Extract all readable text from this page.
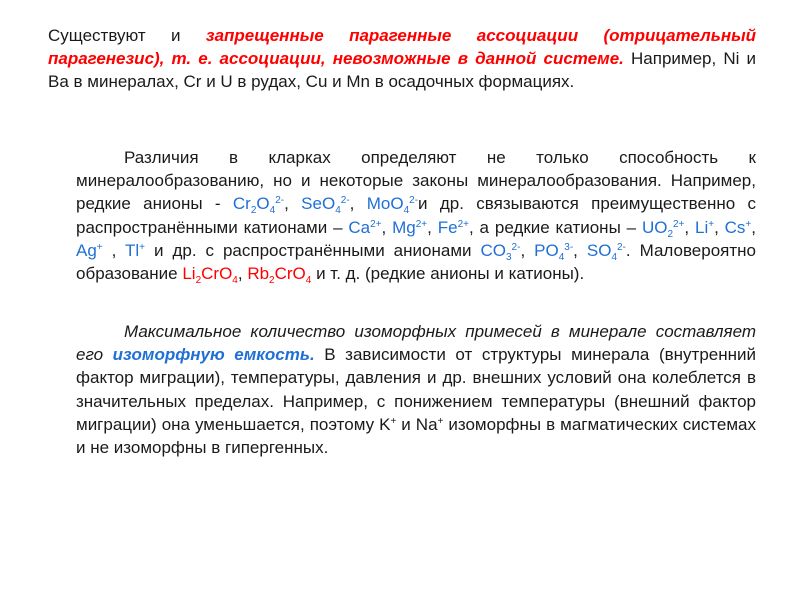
Существуют и запрещенные парагенные ассоциации (отрицательный парагенезис), т. е. ассоциации, невозможные в данной системе. Например, Ni и Ba в минералах, Cr и U в рудах, Cu и Mn в осадочных формациях.
Различия в кларках определяют не только способность к минералообразованию, но и некоторые законы минералообразования. Например, редкие анионы - $Cr_2O_4^{2-}$, SeO$_4^{2-}$, MoO$_4^{2-}$и др. связываются преимущественно с распространёнными катионами – $Ca^{2+}$, $Mg^{2+}$, $Fe^{2+}$, а редкие катионы – $UO_2^{2+}$, Li+, Cs+, Ag+ , Tl+ и др. с распространёнными анионами $CO_3^{2-}$, $PO_4^{3-}$, $SO_4^{2-}$. Маловероятно образование $Li_2CrO_4$, $Rb_2CrO_4$ и т. д. (редкие анионы и катионы).
Максимальное количество изоморфных примесей в минерале составляет его изоморфную емкость. В зависимости от структуры минерала (внутренний фактор миграции), температуры, давления и др. внешних условий она колеблется в значительных пределах. Например, с понижением температуры (внешний фактор миграции) она уменьшается, поэтому K+ и Na+ изоморфны в магматических системах и не изоморфны в гипергенных.
